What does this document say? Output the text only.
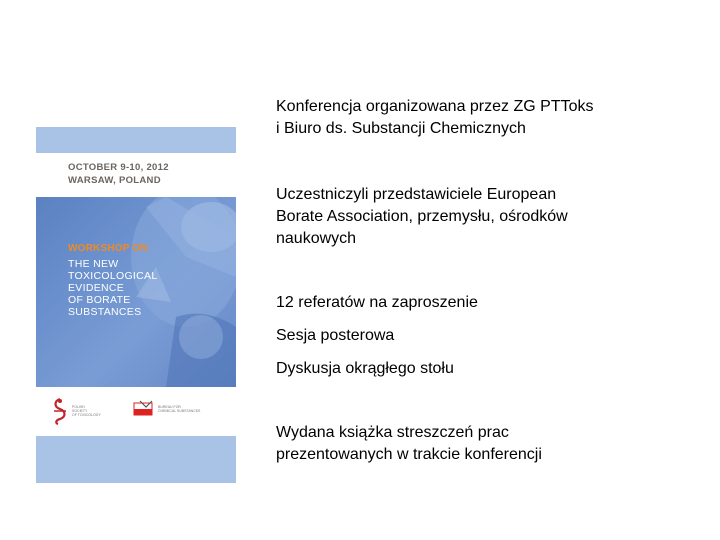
OCTOBER 9-10, 2012
WARSAW, POLAND
WORKSHOP ON
THE NEW
TOXICOLOGICAL
EVIDENCE
OF BORATE
SUBSTANCES
POLISH
SOCIETY
OF TOXICOLOGY
BUREAU FOR
CHEMICAL SUBSTANCES
Konferencja organizowana przez ZG PTToks
i Biuro ds. Substancji Chemicznych
Uczestniczyli przedstawiciele European
Borate Association, przemysłu, ośrodków
naukowych
12 referatów na zaproszenie
Sesja posterowa
Dyskusja okrągłego stołu
Wydana książka streszczeń prac
prezentowanych w trakcie konferencji
